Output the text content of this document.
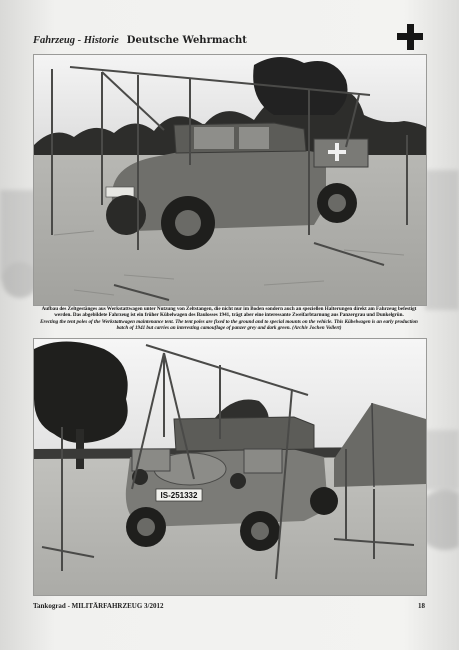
Fahrzeug - Historie Deutsche Wehrmacht
Aufbau des Zeltgestänges aus Werkstattwagen unter Nutzung von Zeltstangen, die nicht nur im Boden sondern auch an speziellen Halterungen direkt am Fahrzeug befestigt werden. Das abgebildete Fahrzeug ist ein früher Kübelwagen des Baulosses 1941, trägt aber eine interessante Zweifarbtarnung aus Panzergrau und Dunkelgrün.
Erecting the tent poles of the Werkstattwagen maintenance tent. The tent poles are fixed to the ground and to special mounts on the vehicle. This Kübelwagen is an early production batch of 1941 but carries an interesting camouflage of panzer grey and dark green. (Archiv Jochen Vollert)
IS-251332
Tankograd - MILITÄRFAHRZEUG 3/2012	18
